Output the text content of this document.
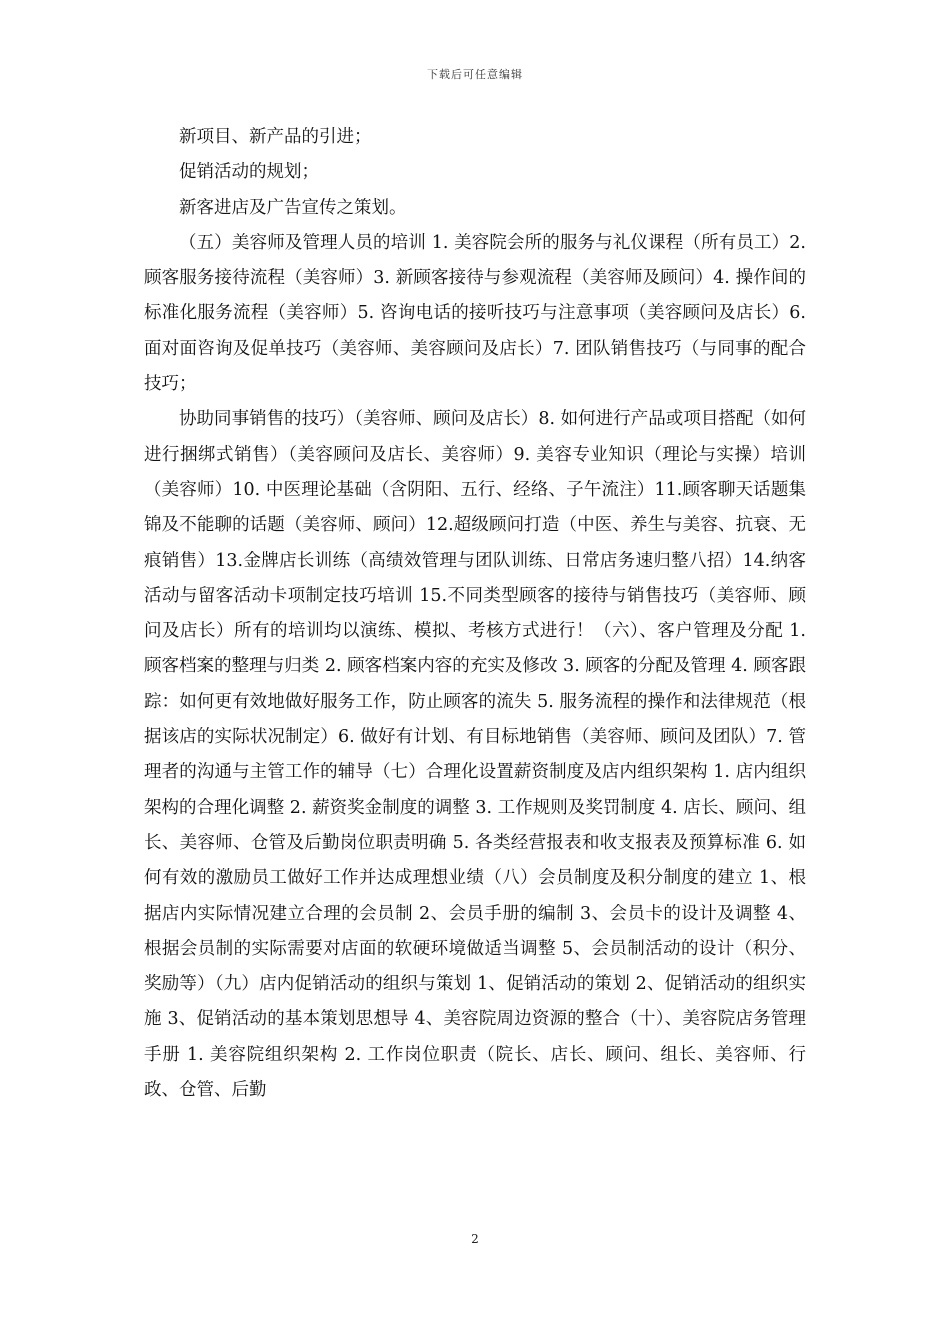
下载后可任意编辑

新项目、新产品的引进；

促销活动的规划；

新客进店及广告宣传之策划。

（五）美容师及管理人员的培训 1. 美容院会所的服务与礼仪课程（所有员工）2. 顾客服务接待流程（美容师）3. 新顾客接待与参观流程（美容师及顾问）4. 操作间的标准化服务流程（美容师）5. 咨询电话的接听技巧与注意事项（美容顾问及店长）6. 面对面咨询及促单技巧（美容师、美容顾问及店长）7. 团队销售技巧（与同事的配合技巧；

协助同事销售的技巧）（美容师、顾问及店长）8. 如何进行产品或项目搭配（如何进行捆绑式销售）（美容顾问及店长、美容师）9. 美容专业知识（理论与实操）培训（美容师）10. 中医理论基础（含阴阳、五行、经络、子午流注）11.顾客聊天话题集锦及不能聊的话题（美容师、顾问）12.超级顾问打造（中医、养生与美容、抗衰、无痕销售）13.金牌店长训练（高绩效管理与团队训练、日常店务速归整八招）14.纳客活动与留客活动卡项制定技巧培训 15.不同类型顾客的接待与销售技巧（美容师、顾问及店长）所有的培训均以演练、模拟、考核方式进行！（六）、客户管理及分配 1. 顾客档案的整理与归类 2. 顾客档案内容的充实及修改 3. 顾客的分配及管理 4. 顾客跟踪：如何更有效地做好服务工作，防止顾客的流失 5. 服务流程的操作和法律规范（根据该店的实际状况制定）6. 做好有计划、有目标地销售（美容师、顾问及团队）7. 管理者的沟通与主管工作的辅导（七）合理化设置薪资制度及店内组织架构 1. 店内组织架构的合理化调整 2. 薪资奖金制度的调整 3. 工作规则及奖罚制度 4. 店长、顾问、组长、美容师、仓管及后勤岗位职责明确 5. 各类经营报表和收支报表及预算标准 6. 如何有效的激励员工做好工作并达成理想业绩（八）会员制度及积分制度的建立 1、根据店内实际情况建立合理的会员制 2、会员手册的编制 3、会员卡的设计及调整 4、根据会员制的实际需要对店面的软硬环境做适当调整 5、会员制活动的设计（积分、奖励等）（九）店内促销活动的组织与策划 1、促销活动的策划 2、促销活动的组织实施 3、促销活动的基本策划思想导 4、美容院周边资源的整合（十）、美容院店务管理手册 1. 美容院组织架构 2. 工作岗位职责（院长、店长、顾问、组长、美容师、行政、仓管、后勤

2
